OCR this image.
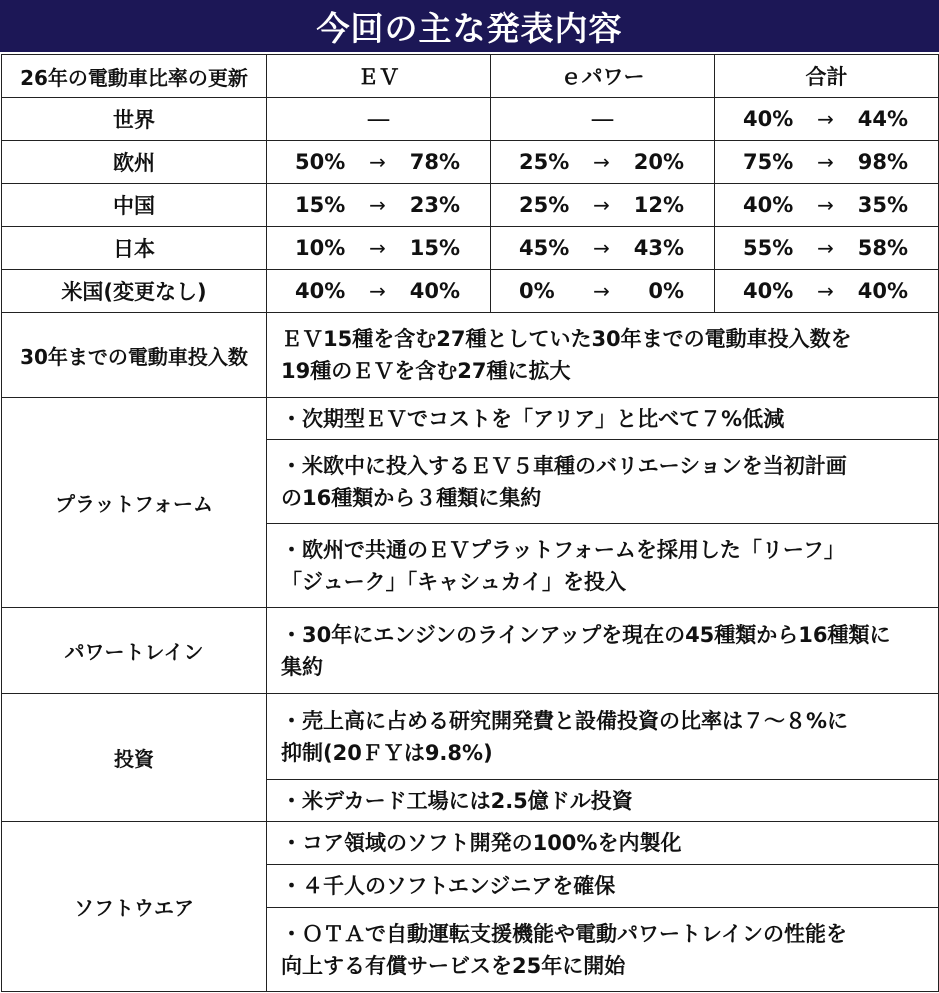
今回の主な発表内容
26年の電動車比率の更新	ＥＶ	ｅパワー	合計
世界	—	—	40% → 44%

欧州	50% → 78%	25% → 20%	75% → 98%

中国	15% → 23%	25% → 12%	40% → 35%

日本	10% → 15%	45% → 43%	55% → 58%

米国(変更なし)	40% → 40%	0% → 0%	40% → 40%

30年までの電動車投入数	ＥＶ15種を含む27種としていた30年までの電動車投入数を
19種のＥＶを含む27種に拡大		

プラットフォーム	・次期型ＥＶでコストを「アリア」と比べて７%低減		

	・米欧中に投入するＥＶ５車種のバリエーションを当初計画
の16種類から３種類に集約		

	・欧州で共通のＥＶプラットフォームを採用した「リーフ」
「ジューク」「キャシュカイ」を投入		

パワートレイン	・30年にエンジンのラインアップを現在の45種類から16種類に
集約		

投資	・売上高に占める研究開発費と設備投資の比率は７〜８%に
抑制(20ＦＹは9.8%)		

	・米デカード工場には2.5億ドル投資		

ソフトウエア	・コア領域のソフト開発の100%を内製化		

	・４千人のソフトエンジニアを確保		

	・ＯＴＡで自動運転支援機能や電動パワートレインの性能を
向上する有償サービスを25年に開始		
